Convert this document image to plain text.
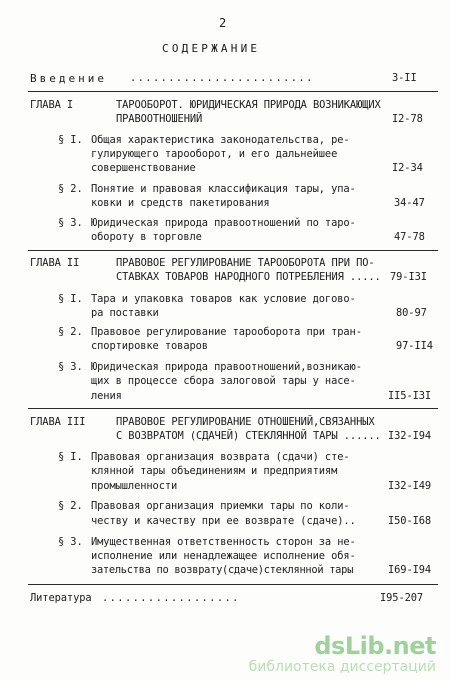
2
СОДЕРЖАНИЕ
Введение ........................	3-II
ГЛАВА I	ТАРООБОРОТ. ЮРИДИЧЕСКАЯ ПРИРОДА ВОЗНИКАЮЩИХ
ПРАВООТНОШЕНИЙ	I2-78
§ I. Общая характеристика законодательства, ре-
гулирующего тарооборот, и его дальнейшее
совершенствование	I2-34
§ 2. Понятие и правовая классификация тары, упа-
ковки и средств пакетирования	34-47
§ 3. Юридическая природа правоотношений по таро-
обороту в торговле	47-78
ГЛАВА II	ПРАВОВОЕ РЕГУЛИРОВАНИЕ ТАРООБОРОТА ПРИ ПО-
СТАВКАХ ТОВАРОВ НАРОДНОГО ПОТРЕБЛЕНИЯ ..... 79-I3I
§ I. Тара и упаковка товаров как условие догово-
ра поставки	80-97
§ 2. Правовое регулирование тарооборота при тран-
спортировке товаров	97-II4
§ 3. Юридическая природа правоотношений,возникаю-
щих в процессе сбора залоговой тары у насе-
ления	II5-I3I
ГЛАВА III	ПРАВОВОЕ РЕГУЛИРОВАНИЕ ОТНОШЕНИЙ,СВЯЗАННЫХ
С ВОЗВРАТОМ (СДАЧЕЙ) СТЕКЛЯННОЙ ТАРЫ ...... I32-I94
§ I. Правовая организация возврата (сдачи) сте-
клянной тары объединениям и предприятиям
промышленности	I32-I49
§ 2. Правовая организация приемки тары по коли-
честву и качеству при ее возврате (сдаче)..	I50-I68
§ 3. Имущественная ответственность сторон за не-
исполнение или ненадлежащее исполнение обя-
зательства по возврату(сдаче)стеклянной тары	I69-I94
Литература ..................	I95-207
dsLib.net
библиотека диссертаций
